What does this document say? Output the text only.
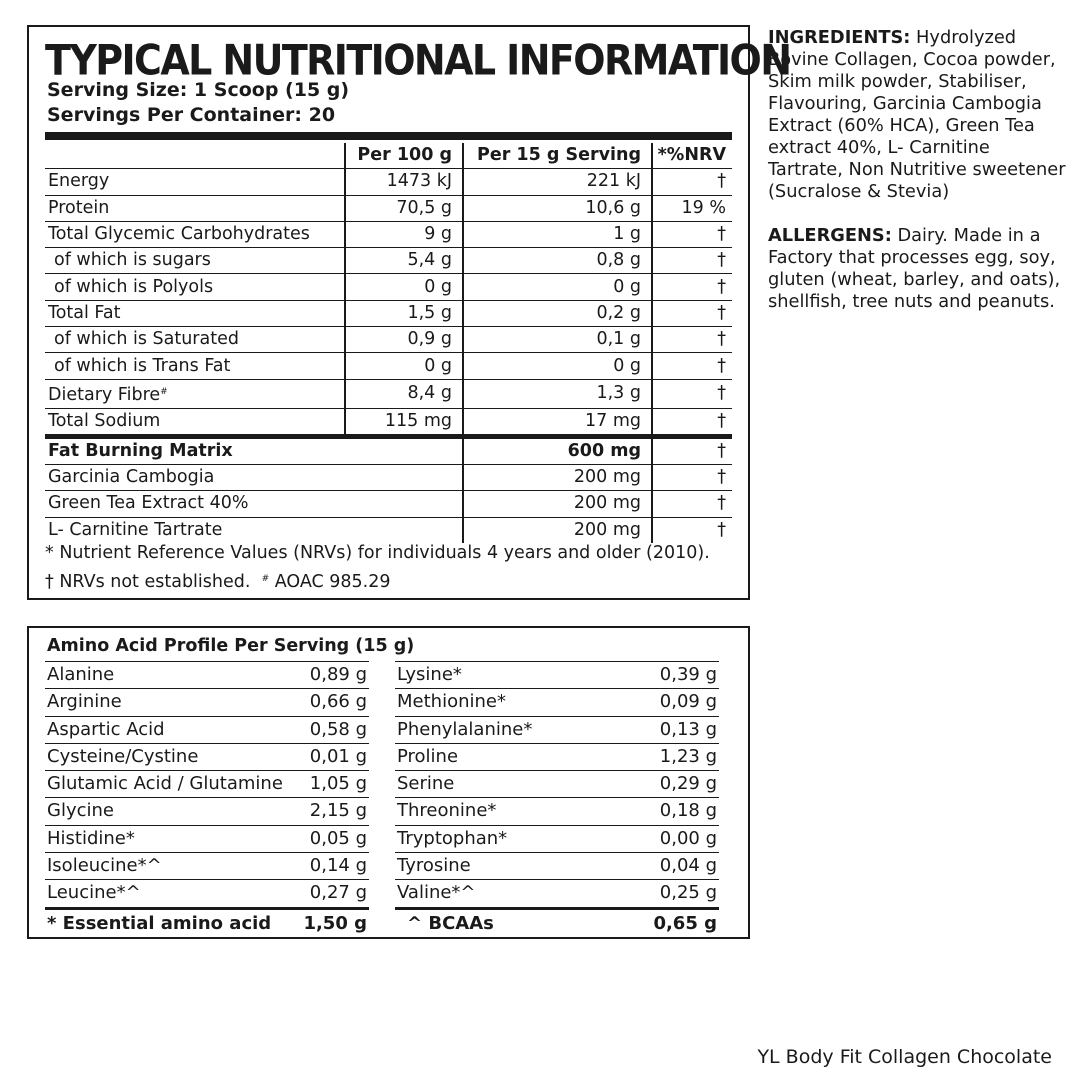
TYPICAL NUTRITIONAL INFORMATION
Serving Size: 1 Scoop (15 g)
Servings Per Container: 20
	Per 100 g	Per 15 g Serving	*%NRV
Energy	1473 kJ	221 kJ	†
Protein	70,5 g	10,6 g	19 %
Total Glycemic Carbohydrates	9 g	1 g	†
of which is sugars	5,4 g	0,8 g	†
of which is Polyols	0 g	0 g	†
Total Fat	1,5 g	0,2 g	†
of which is Saturated	0,9 g	0,1 g	†
of which is Trans Fat	0 g	0 g	†
Dietary Fibre#	8,4 g	1,3 g	†
Total Sodium	115 mg	17 mg	†
Fat Burning Matrix		600 mg	†
Garcinia Cambogia		200 mg	†
Green Tea Extract 40%		200 mg	†
L- Carnitine Tartrate		200 mg	†
* Nutrient Reference Values (NRVs) for individuals 4 years and older (2010).
† NRVs not established. # AOAC 985.29
Amino Acid Profile Per Serving (15 g)
Alanine	0,89 g
Arginine	0,66 g
Aspartic Acid	0,58 g
Cysteine/Cystine	0,01 g
Glutamic Acid / Glutamine 1,05 g
Glycine	2,15 g
Histidine*	0,05 g
Isoleucine*^	0,14 g
Leucine*^	0,27 g
* Essential amino acid 1,50 g
Lysine*	0,39 g
Methionine*	0,09 g
Phenylalanine*	0,13 g
Proline	1,23 g
Serine	0,29 g
Threonine*	0,18 g
Tryptophan*	0,00 g
Tyrosine	0,04 g
Valine*^	0,25 g
^ BCAAs	0,65 g

INGREDIENTS: Hydrolyzed Bovine Collagen, Cocoa powder, Skim milk powder, Stabiliser, Flavouring, Garcinia Cambogia Extract (60% HCA), Green Tea extract 40%, L- Carnitine Tartrate, Non Nutritive sweetener (Sucralose & Stevia)

ALLERGENS: Dairy. Made in a Factory that processes egg, soy, gluten (wheat, barley, and oats), shellfish, tree nuts and peanuts.

YL Body Fit Collagen Chocolate
